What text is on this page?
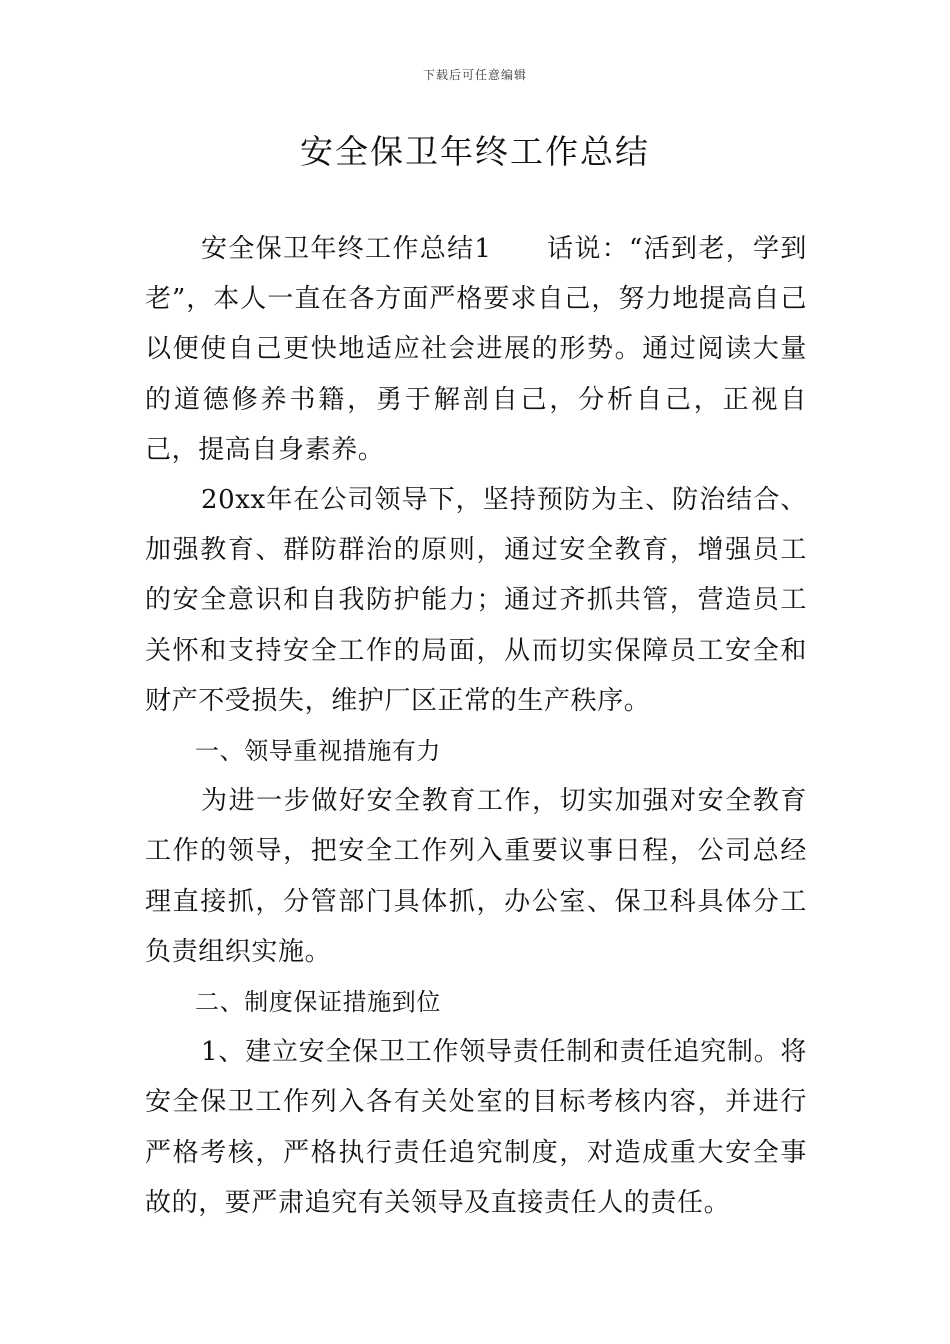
下载后可任意编辑
安全保卫年终工作总结

安全保卫年终工作总结1　　话说：“活到老，学到老”，本人一直在各方面严格要求自己，努力地提高自己以便使自己更快地适应社会进展的形势。通过阅读大量的道德修养书籍，勇于解剖自己，分析自己，正视自己，提高自身素养。

20xx年在公司领导下，坚持预防为主、防治结合、加强教育、群防群治的原则，通过安全教育，增强员工的安全意识和自我防护能力；通过齐抓共管，营造员工关怀和支持安全工作的局面，从而切实保障员工安全和财产不受损失，维护厂区正常的生产秩序。

一、领导重视措施有力

为进一步做好安全教育工作，切实加强对安全教育工作的领导，把安全工作列入重要议事日程，公司总经理直接抓，分管部门具体抓，办公室、保卫科具体分工负责组织实施。

二、制度保证措施到位

1、建立安全保卫工作领导责任制和责任追究制。将安全保卫工作列入各有关处室的目标考核内容，并进行严格考核，严格执行责任追究制度，对造成重大安全事故的，要严肃追究有关领导及直接责任人的责任。
